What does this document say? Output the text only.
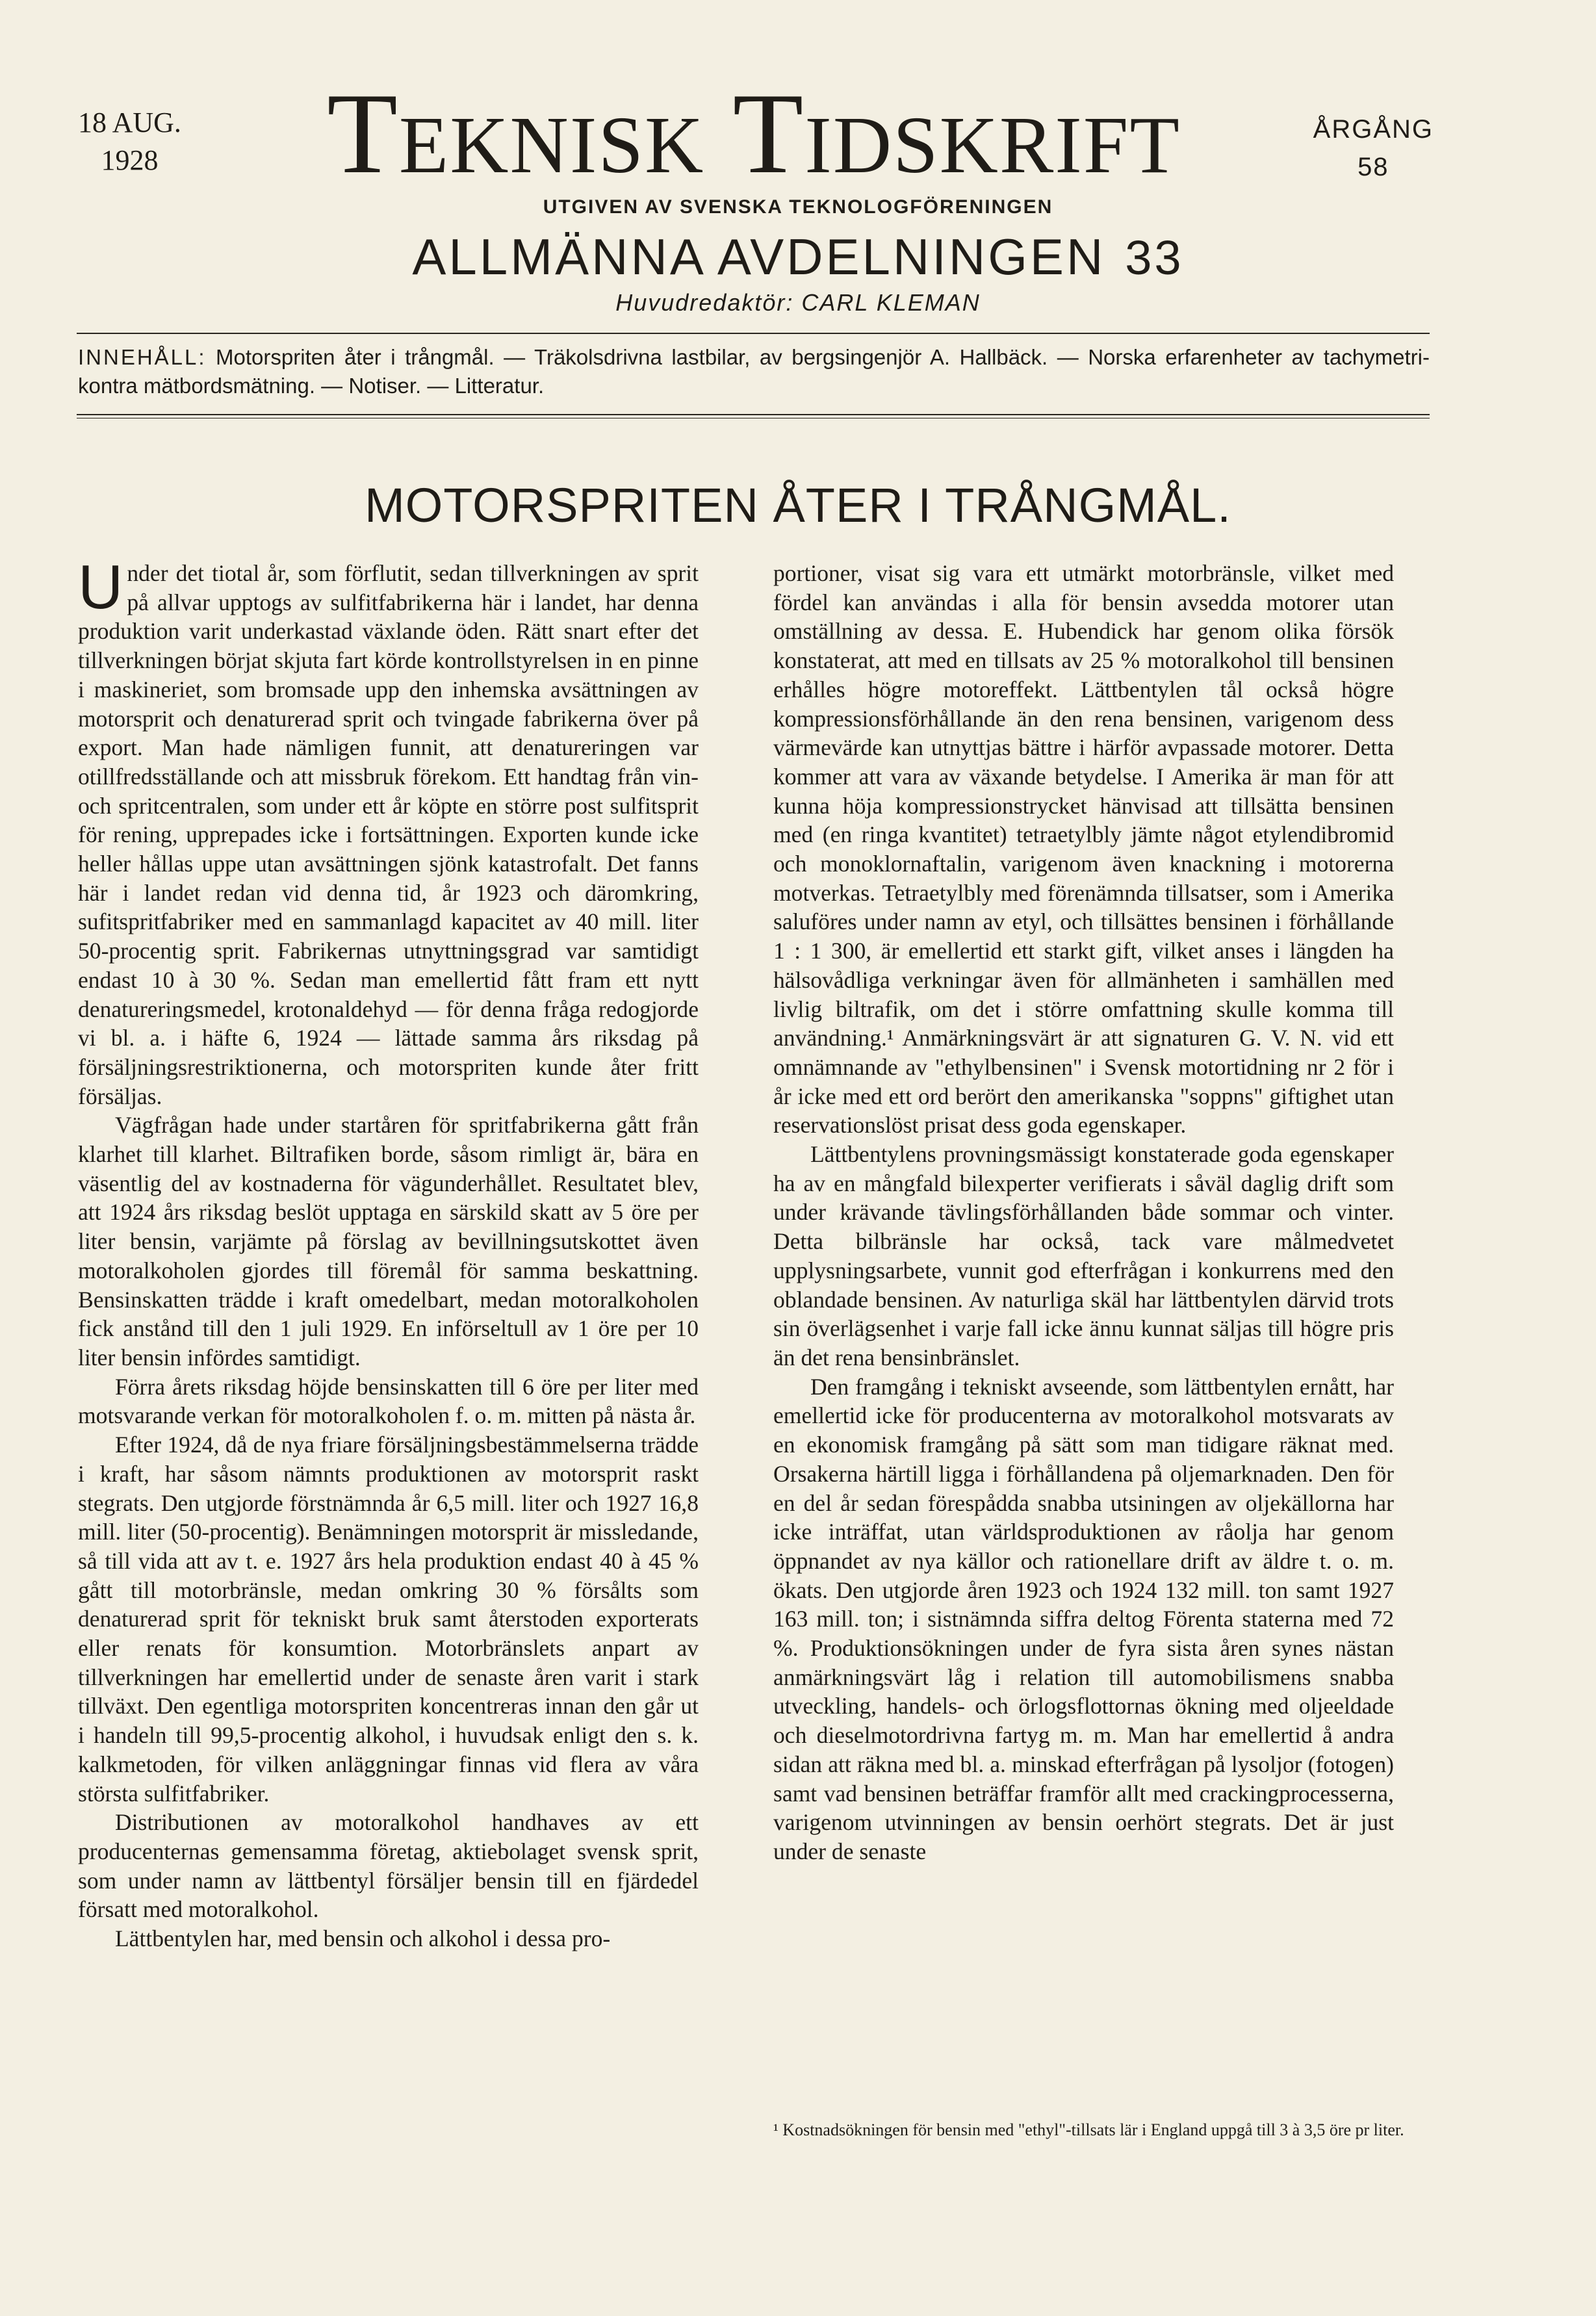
18 AUG.
1928 Teknisk Tidskrift	ÅRGÅNG
58
UTGIVEN AV SVENSKA TEKNOLOGFÖRENINGEN
ALLMÄNNA AVDELNINGEN 33
Huvudredaktör: CARL KLEMAN
INNEHÅLL: Motorspriten åter i trångmål. — Träkolsdrivna lastbilar, av bergsingenjör A. Hallbäck. — Norska erfarenheter av tachymetri- kontra mätbordsmätning. — Notiser. — Litteratur.
MOTORSPRITEN ÅTER I TRÅNGMÅL.

Under det tiotal år, som förflutit, sedan tillverkningen av sprit på allvar upptogs av sulfitfabrikerna här i landet, har denna produktion varit underkastad växlande öden. Rätt snart efter det tillverkningen börjat skjuta fart körde kontrollstyrelsen in en pinne i maskineriet, som bromsade upp den inhemska avsättningen av motorsprit och denaturerad sprit och tvingade fabrikerna över på export. Man hade nämligen funnit, att denatureringen var otillfredsställande och att missbruk förekom. Ett handtag från vin- och spritcentralen, som under ett år köpte en större post sulfitsprit för rening, upprepades icke i fortsättningen. Exporten kunde icke heller hållas uppe utan avsättningen sjönk katastrofalt. Det fanns här i landet redan vid denna tid, år 1923 och däromkring, sufitspritfabriker med en sammanlagd kapacitet av 40 mill. liter 50-procentig sprit. Fabrikernas utnyttningsgrad var samtidigt endast 10 à 30 %. Sedan man emellertid fått fram ett nytt denatureringsmedel, krotonaldehyd — för denna fråga redogjorde vi bl. a. i häfte 6, 1924 — lättade samma års riksdag på försäljningsrestriktionerna, och motorspriten kunde åter fritt försäljas.

Vägfrågan hade under startåren för spritfabrikerna gått från klarhet till klarhet. Biltrafiken borde, såsom rimligt är, bära en väsentlig del av kostnaderna för vägunderhållet. Resultatet blev, att 1924 års riksdag beslöt upptaga en särskild skatt av 5 öre per liter bensin, varjämte på förslag av bevillningsutskottet även motoralkoholen gjordes till föremål för samma beskattning. Bensinskatten trädde i kraft omedelbart, medan motoralkoholen fick anstånd till den 1 juli 1929. En införseltull av 1 öre per 10 liter bensin infördes samtidigt.

Förra årets riksdag höjde bensinskatten till 6 öre per liter med motsvarande verkan för motoralkoholen f. o. m. mitten på nästa år.

Efter 1924, då de nya friare försäljningsbestämmelserna trädde i kraft, har såsom nämnts produktionen av motorsprit raskt stegrats. Den utgjorde förstnämnda år 6,5 mill. liter och 1927 16,8 mill. liter (50-procentig). Benämningen motorsprit är missledande, så till vida att av t. e. 1927 års hela produktion endast 40 à 45 % gått till motorbränsle, medan omkring 30 % försålts som denaturerad sprit för tekniskt bruk samt återstoden exporterats eller renats för konsumtion. Motorbränslets anpart av tillverkningen har emellertid under de senaste åren varit i stark tillväxt. Den egentliga motorspriten koncentreras innan den går ut i handeln till 99,5-procentig alkohol, i huvudsak enligt den s. k. kalkmetoden, för vilken anläggningar finnas vid flera av våra största sulfitfabriker.

Distributionen av motoralkohol handhaves av ett producenternas gemensamma företag, aktiebolaget svensk sprit, som under namn av lättbentyl försäljer bensin till en fjärdedel försatt med motoralkohol.

Lättbentylen har, med bensin och alkohol i dessa pro-

portioner, visat sig vara ett utmärkt motorbränsle, vilket med fördel kan användas i alla för bensin avsedda motorer utan omställning av dessa. E. Hubendick har genom olika försök konstaterat, att med en tillsats av 25 % motoralkohol till bensinen erhålles högre motoreffekt. Lättbentylen tål också högre kompressionsförhållande än den rena bensinen, varigenom dess värmevärde kan utnyttjas bättre i härför avpassade motorer. Detta kommer att vara av växande betydelse. I Amerika är man för att kunna höja kompressionstrycket hänvisad att tillsätta bensinen med (en ringa kvantitet) tetraetylbly jämte något etylendibromid och monoklornaftalin, varigenom även knackning i motorerna motverkas. Tetraetylbly med förenämnda tillsatser, som i Amerika saluföres under namn av etyl, och tillsättes bensinen i förhållande 1 : 1 300, är emellertid ett starkt gift, vilket anses i längden ha hälsovådliga verkningar även för allmänheten i samhällen med livlig biltrafik, om det i större omfattning skulle komma till användning.¹ Anmärkningsvärt är att signaturen G. V. N. vid ett omnämnande av "ethylbensinen" i Svensk motortidning nr 2 för i år icke med ett ord berört den amerikanska "soppns" giftighet utan reservationslöst prisat dess goda egenskaper.

Lättbentylens provningsmässigt konstaterade goda egenskaper ha av en mångfald bilexperter verifierats i såväl daglig drift som under krävande tävlingsförhållanden både sommar och vinter. Detta bilbränsle har också, tack vare målmedvetet upplysningsarbete, vunnit god efterfrågan i konkurrens med den oblandade bensinen. Av naturliga skäl har lättbentylen därvid trots sin överlägsenhet i varje fall icke ännu kunnat säljas till högre pris än det rena bensinbränslet.

Den framgång i tekniskt avseende, som lättbentylen ernått, har emellertid icke för producenterna av motoralkohol motsvarats av en ekonomisk framgång på sätt som man tidigare räknat med. Orsakerna härtill ligga i förhållandena på oljemarknaden. Den för en del år sedan förespådda snabba utsiningen av oljekällorna har icke inträffat, utan världsproduktionen av råolja har genom öppnandet av nya källor och rationellare drift av äldre t. o. m. ökats. Den utgjorde åren 1923 och 1924 132 mill. ton samt 1927 163 mill. ton; i sistnämnda siffra deltog Förenta staterna med 72 %. Produktionsökningen under de fyra sista åren synes nästan anmärkningsvärt låg i relation till automobilismens snabba utveckling, handels- och örlogsflottornas ökning med oljeeldade och dieselmotordrivna fartyg m. m. Man har emellertid å andra sidan att räkna med bl. a. minskad efterfrågan på lysoljor (fotogen) samt vad bensinen beträffar framför allt med crackingprocesserna, varigenom utvinningen av bensin oerhört stegrats. Det är just under de senaste

¹ Kostnadsökningen för bensin med "ethyl"-tillsats lär i England uppgå till 3 à 3,5 öre pr liter.
